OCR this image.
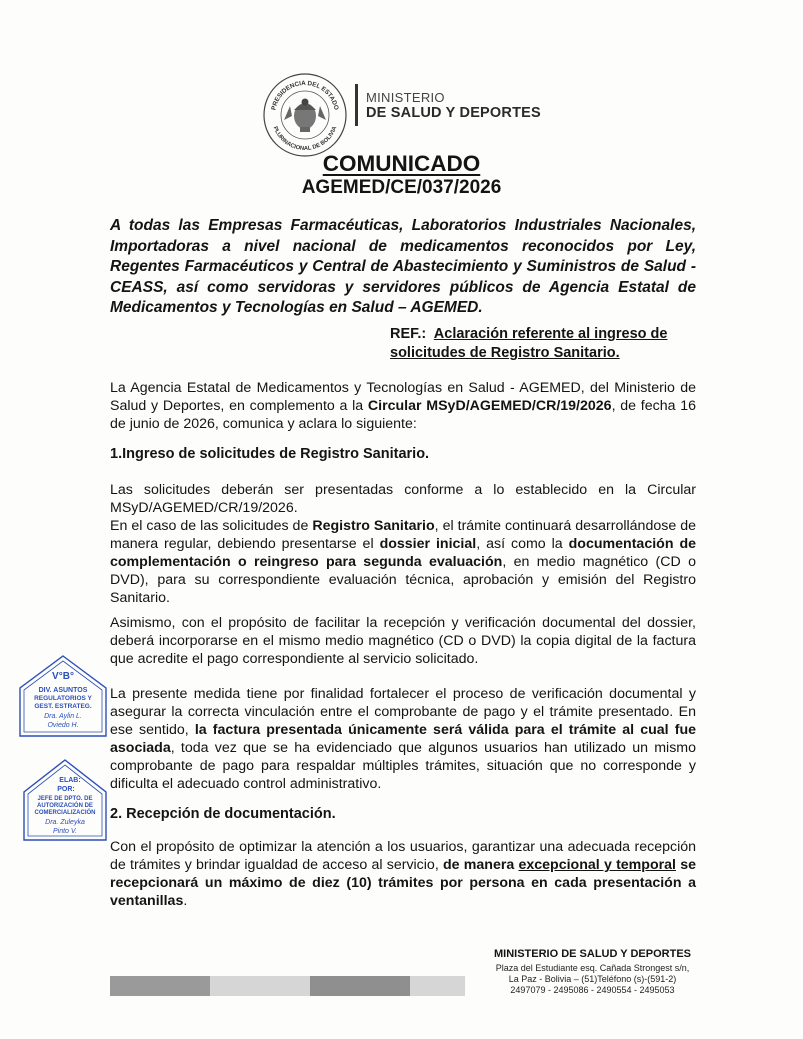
PRESIDENCIA DEL ESTADO
PLURINACIONAL DE BOLIVIA
MINISTERIO
DE SALUD Y DEPORTES
COMUNICADO
AGEMED/CE/037/2026
A todas las Empresas Farmacéuticas, Laboratorios Industriales Nacionales, Importadoras a nivel nacional de medicamentos reconocidos por Ley, Regentes Farmacéuticos y Central de Abastecimiento y Suministros de Salud - CEASS, así como servidoras y servidores públicos de Agencia Estatal de Medicamentos y Tecnologías en Salud – AGEMED.
REF.: Aclaración referente al ingreso de solicitudes de Registro Sanitario.
La Agencia Estatal de Medicamentos y Tecnologías en Salud - AGEMED, del Ministerio de Salud y Deportes, en complemento a la Circular MSyD/AGEMED/CR/19/2026, de fecha 16 de junio de 2026, comunica y aclara lo siguiente:
1.Ingreso de solicitudes de Registro Sanitario.
Las solicitudes deberán ser presentadas conforme a lo establecido en la Circular MSyD/AGEMED/CR/19/2026.
En el caso de las solicitudes de Registro Sanitario, el trámite continuará desarrollándose de manera regular, debiendo presentarse el dossier inicial, así como la documentación de complementación o reingreso para segunda evaluación, en medio magnético (CD o DVD), para su correspondiente evaluación técnica, aprobación y emisión del Registro Sanitario.
Asimismo, con el propósito de facilitar la recepción y verificación documental del dossier, deberá incorporarse en el mismo medio magnético (CD o DVD) la copia digital de la factura que acredite el pago correspondiente al servicio solicitado.
La presente medida tiene por finalidad fortalecer el proceso de verificación documental y asegurar la correcta vinculación entre el comprobante de pago y el trámite presentado. En ese sentido, la factura presentada únicamente será válida para el trámite al cual fue asociada, toda vez que se ha evidenciado que algunos usuarios han utilizado un mismo comprobante de pago para respaldar múltiples trámites, situación que no corresponde y dificulta el adecuado control administrativo.
2. Recepción de documentación.
Con el propósito de optimizar la atención a los usuarios, garantizar una adecuada recepción de trámites y brindar igualdad de acceso al servicio, de manera excepcional y temporal se recepcionará un máximo de diez (10) trámites por persona en cada presentación a ventanillas.
V°B°
DIV. ASUNTOS
REGULATORIOS Y
GEST. ESTRATEG.
Dra. Aylin L.
Oviedo H.
ELAB:
POR:
JEFE DE DPTO. DE
AUTORIZACIÓN DE
COMERCIALIZACIÓN
Dra. Zuleyka
Pinto V.
MINISTERIO DE SALUD Y DEPORTES
Plaza del Estudiante esq. Cañada Strongest s/n,
La Paz - Bolivia – (51)Teléfono (s)-(591-2)
2497079 - 2495086 - 2490554 - 2495053
